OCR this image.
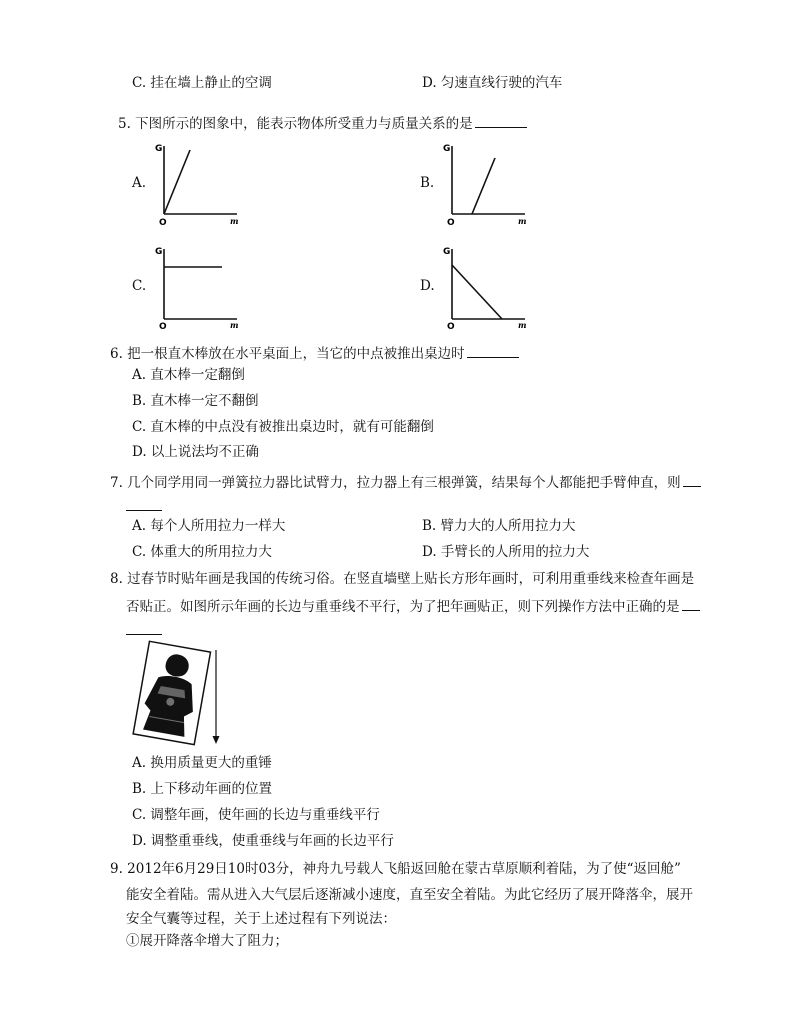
C. 挂在墙上静止的空调	D. 匀速直线行驶的汽车
5. 下图所示的图象中，能表示物体所受重力与质量关系的是
A.
G
O	m
B.
G
O	m
C.
G
O	m
D.
G
O	m
6. 把一根直木棒放在水平桌面上，当它的中点被推出桌边时
A. 直木棒一定翻倒
B. 直木棒一定不翻倒
C. 直木棒的中点没有被推出桌边时，就有可能翻倒
D. 以上说法均不正确
7. 几个同学用同一弹簧拉力器比试臂力，拉力器上有三根弹簧，结果每个人都能把手臂伸直，则
A. 每个人所用拉力一样大	B. 臂力大的人所用拉力大
C. 体重大的所用拉力大	D. 手臂长的人所用的拉力大
8. 过春节时贴年画是我国的传统习俗。在竖直墙壁上贴长方形年画时，可利用重垂线来检查年画是
否贴正。如图所示年画的长边与重垂线不平行，为了把年画贴正，则下列操作方法中正确的是
A. 换用质量更大的重锤
B. 上下移动年画的位置
C. 调整年画，使年画的长边与重垂线平行
D. 调整重垂线，使重垂线与年画的长边平行
9. 2012年6月29日10时03分，神舟九号载人飞船返回舱在蒙古草原顺利着陆，为了使“返回舱”
能安全着陆。需从进入大气层后逐渐减小速度，直至安全着陆。为此它经历了展开降落伞，展开
安全气囊等过程，关于上述过程有下列说法：
①展开降落伞增大了阻力；
